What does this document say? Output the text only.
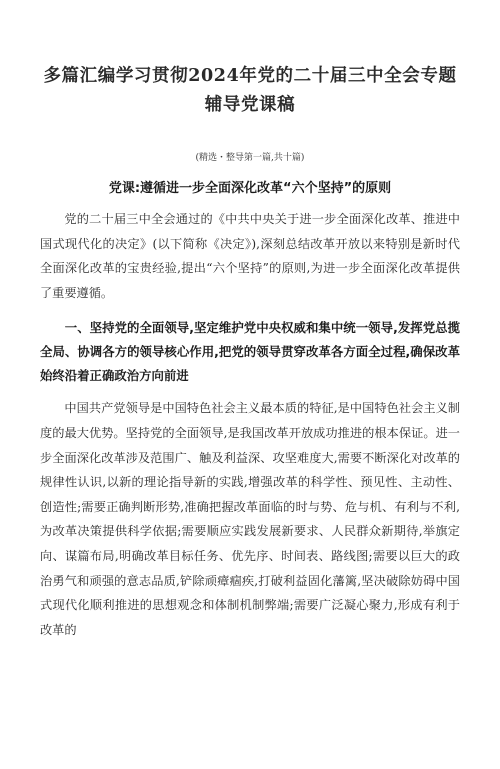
多篇汇编学习贯彻2024年党的二十届三中全会专题
辅导党课稿
(精选・整导第一篇,共十篇)
党课:遵循进一步全面深化改革“六个坚持”的原则

党的二十届三中全会通过的《中共中央关于进一步全面深化改革、推进中国式现代化的决定》(以下简称《决定》),深刻总结改革开放以来特别是新时代全面深化改革的宝贵经验,提出“六个坚持”的原则,为进一步全面深化改革提供了重要遵循。

一、坚持党的全面领导,坚定维护党中央权威和集中统一领导,发挥党总揽全局、协调各方的领导核心作用,把党的领导贯穿改革各方面全过程,确保改革始终沿着正确政治方向前进

中国共产党领导是中国特色社会主义最本质的特征,是中国特色社会主义制度的最大优势。坚持党的全面领导,是我国改革开放成功推进的根本保证。进一步全面深化改革涉及范围广、触及利益深、攻坚难度大,需要不断深化对改革的规律性认识,以新的理论指导新的实践,增强改革的科学性、预见性、主动性、创造性;需要正确判断形势,准确把握改革面临的时与势、危与机、有利与不利,为改革决策提供科学依据;需要顺应实践发展新要求、人民群众新期待,举旗定向、谋篇布局,明确改革目标任务、优先序、时间表、路线图;需要以巨大的政治勇气和顽强的意志品质,铲除顽瘴痼疾,打破利益固化藩篱,坚决破除妨碍中国式现代化顺利推进的思想观念和体制机制弊端;需要广泛凝心聚力,形成有利于改革的
